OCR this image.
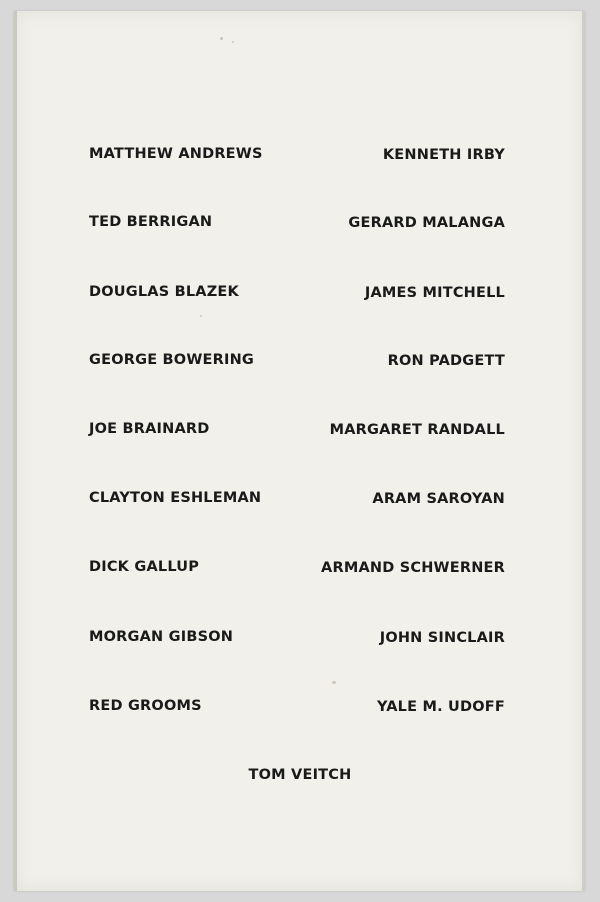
MATTHEW ANDREWS
TED BERRIGAN
DOUGLAS BLAZEK
GEORGE BOWERING
JOE BRAINARD
CLAYTON ESHLEMAN
DICK GALLUP
MORGAN GIBSON
RED GROOMS
KENNETH IRBY
GERARD MALANGA
JAMES MITCHELL
RON PADGETT
MARGARET RANDALL
ARAM SAROYAN
ARMAND SCHWERNER
JOHN SINCLAIR
YALE M. UDOFF
TOM VEITCH
